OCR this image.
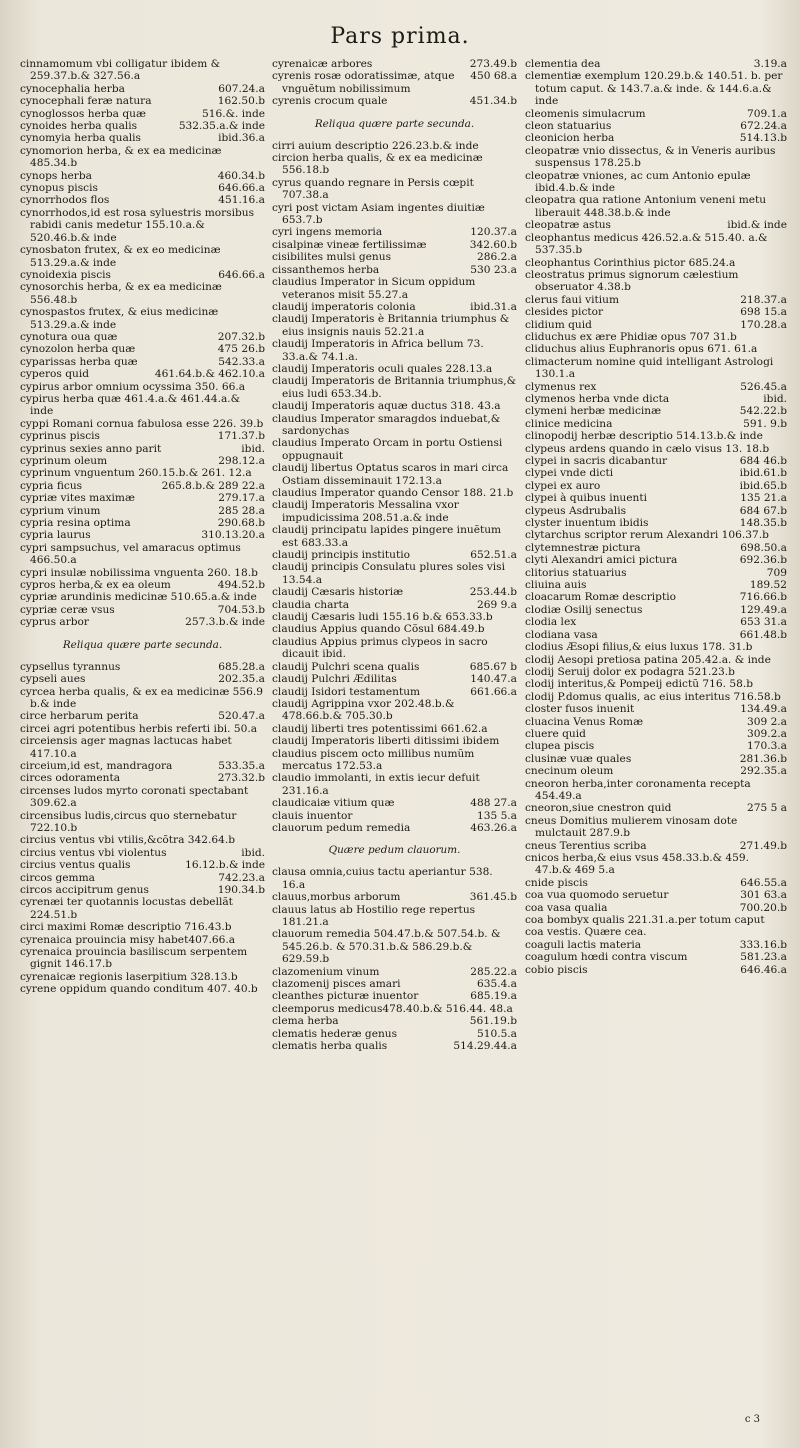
Pars prima.

cinnamomum vbi colligatur ibidem & 259.37.b.& 327.56.a

607.24.a
cynocephalia herba

162.50.b
cynocephali feræ natura

516.&. inde
cynoglossos herba quæ

532.35.a.& inde
cynoides herba qualis

ibid.36.a
cynomyia herba qualis

cynomorion herba, & ex ea medicinæ 485.34.b

460.34.b
cynops herba

646.66.a
cynopus piscis

451.16.a
cynorrhodos flos

cynorrhodos,id est rosa syluestris morsibus rabidi canis medetur 155.10.a.& 520.46.b.& inde

cynosbaton frutex, & ex eo medicinæ 513.29.a.& inde

646.66.a
cynoidexia piscis

cynosorchis herba, & ex ea medicinæ 556.48.b

cynospastos frutex, & eius medicinæ 513.29.a.& inde

207.32.b
cynotura oua quæ

475 26.b
cynozolon herba quæ

542.33.a
cyparissas herba quæ

461.64.b.& 462.10.a
cyperos quid

cypirus arbor omnium ocyssima 350. 66.a

cypirus herba quæ 461.4.a.& 461.44.a.& inde

cyppi Romani cornua fabulosa esse 226. 39.b

171.37.b
cyprinus piscis

ibid.
cyprinus sexies anno parit

298.12.a
cyprinum oleum

cyprinum vnguentum 260.15.b.& 261. 12.a

265.8.b.& 289 22.a
cypria ficus

279.17.a
cypriæ vites maximæ

285 28.a
cyprium vinum

290.68.b
cypria resina optima

310.13.20.a
cypria laurus

cypri sampsuchus, vel amaracus optimus 466.50.a

cypri insulæ nobilissima vnguenta 260. 18.b

494.52.b
cypros herba,& ex ea oleum

cypriæ arundinis medicinæ 510.65.a.& inde

704.53.b
cypriæ ceræ vsus

257.3.b.& inde
cyprus arbor

Reliqua quære parte secunda.

685.28.a
cypsellus tyrannus

202.35.a
cypseli aues

cyrcea herba qualis, & ex ea medicinæ 556.9 b.& inde

520.47.a
circe herbarum perita

circei agri potentibus herbis referti ibi. 50.a

circeiensis ager magnas lactucas habet 417.10.a

533.35.a
circeium,id est, mandragora

273.32.b
circes odoramenta

circenses ludos myrto coronati spectabant 309.62.a

circensibus ludis,circus quo sternebatur 722.10.b

circius ventus vbi vtilis,&cõtra 342.64.b

ibid.
circius ventus vbi violentus

16.12.b.& inde
circius ventus qualis

742.23.a
circos gemma

190.34.b
circos accipitrum genus

cyrenæi ter quotannis locustas debellãt 224.51.b

circi maximi Romæ descriptio 716.43.b

cyrenaica prouincia misy habet407.66.a

cyrenaica prouincia basiliscum serpentem gignit 146.17.b

cyrenaicæ regionis laserpitium 328.13.b

cyrene oppidum quando conditum 407. 40.b

273.49.b
cyrenaicæ arbores

450 68.a
cyrenis rosæ odoratissimæ, atque vnguẽtum nobilissimum

451.34.b
cyrenis crocum quale

Reliqua quære parte secunda.

cirri auium descriptio 226.23.b.& inde

circion herba qualis, & ex ea medicinæ 556.18.b

cyrus quando regnare in Persis cœpit 707.38.a

cyri post victam Asiam ingentes diuitiæ 653.7.b

120.37.a
cyri ingens memoria

342.60.b
cisalpinæ vineæ fertilissimæ

286.2.a
cisibilites mulsi genus

530 23.a
cissanthemos herba

claudius Imperator in Sicum oppidum veteranos misit 55.27.a

ibid.31.a
claudij imperatoris colonia

claudij Imperatoris è Britannia triumphus & eius insignis nauis 52.21.a

claudij Imperatoris in Africa bellum 73. 33.a.& 74.1.a.

claudij Imperatoris oculi quales 228.13.a

claudij Imperatoris de Britannia triumphus,& eius ludi 653.34.b.

claudij Imperatoris aquæ ductus 318. 43.a

claudius Imperator smaragdos induebat,& sardonychas

claudius Imperato Orcam in portu Ostiensi oppugnauit

claudij libertus Optatus scaros in mari circa Ostiam disseminauit 172.13.a

claudius Imperator quando Censor 188. 21.b

claudij Imperatoris Messalina vxor impudicissima 208.51.a.& inde

claudij principatu lapides pingere inuẽtum est 683.33.a

652.51.a
claudij principis institutio

claudij principis Consulatu plures soles visi 13.54.a

253.44.b
claudij Cæsaris historiæ

269 9.a
claudia charta

claudij Cæsaris ludi 155.16 b.& 653.33.b

claudius Appius quando Cõsul 684.49.b

claudius Appius primus clypeos in sacro dicauit ibid.

685.67 b
claudij Pulchri scena qualis

140.47.a
claudij Pulchri Ædilitas

661.66.a
claudij Isidori testamentum

claudij Agrippina vxor 202.48.b.& 478.66.b.& 705.30.b

claudij liberti tres potentissimi 661.62.a

claudij Imperatoris liberti ditissimi ibidem

claudius piscem octo millibus numũm mercatus 172.53.a

claudio immolanti, in extis iecur defuit 231.16.a

488 27.a
claudicaiæ vitium quæ

135 5.a
clauis inuentor

463.26.a
clauorum pedum remedia

Quære pedum clauorum.

clausa omnia,cuius tactu aperiantur 538. 16.a

361.45.b
clauus,morbus arborum

clauus latus ab Hostilio rege repertus 181.21.a

clauorum remedia 504.47.b.& 507.54.b. & 545.26.b. & 570.31.b.& 586.29.b.& 629.59.b

285.22.a
clazomenium vinum

635.4.a
clazomenij pisces amari

685.19.a
cleanthes picturæ inuentor

cleemporus medicus478.40.b.& 516.44. 48.a

561.19.b
clema herba

510.5.a
clematis hederæ genus

514.29.44.a
clematis herba qualis

3.19.a
clementia dea

clementiæ exemplum 120.29.b.& 140.51. b. per totum caput. & 143.7.a.& inde. & 144.6.a.& inde

709.1.a
cleomenis simulacrum

672.24.a
cleon statuarius

514.13.b
cleonicion herba

cleopatræ vnio dissectus, & in Veneris auribus suspensus 178.25.b

cleopatræ vniones, ac cum Antonio epulæ ibid.4.b.& inde

cleopatra qua ratione Antonium veneni metu liberauit 448.38.b.& inde

ibid.& inde
cleopatræ astus

cleophantus medicus 426.52.a.& 515.40. a.& 537.35.b

cleophantus Corinthius pictor 685.24.a

cleostratus primus signorum cælestium obseruator 4.38.b

218.37.a
clerus faui vitium

698 15.a
clesides pictor

170.28.a
clidium quid

cliduchus ex ære Phidiæ opus 707 31.b

cliduchus alius Euphranoris opus 671. 61.a

climacterum nomine quid intelligant Astrologi 130.1.a

526.45.a
clymenus rex

ibid.
clymenos herba vnde dicta

542.22.b
clymeni herbæ medicinæ

591. 9.b
clinice medicina

clinopodij herbæ descriptio 514.13.b.& inde

clypeus ardens quando in cælo visus 13. 18.b

684 46.b
clypei in sacris dicabantur

ibid.61.b
clypei vnde dicti

ibid.65.b
clypei ex auro

135 21.a
clypei à quibus inuenti

684 67.b
clypeus Asdrubalis

148.35.b
clyster inuentum ibidis

clytarchus scriptor rerum Alexandri 106.37.b

698.50.a
clytemnestræ pictura

692.36.b
clyti Alexandri amici pictura

709
clitorius statuarius

189.52
cliuina auis

716.66.b
cloacarum Romæ descriptio

129.49.a
clodiæ Osilij senectus

653 31.a
clodia lex

661.48.b
clodiana vasa

clodius Æsopi filius,& eius luxus 178. 31.b

clodij Aesopi pretiosa patina 205.42.a. & inde

clodij Seruij dolor ex podagra 521.23.b

clodij interitus,& Pompeij edictũ 716. 58.b

clodij P.domus qualis, ac eius interitus 716.58.b

134.49.a
closter fusos inuenit

309 2.a
cluacina Venus Romæ

309.2.a
cluere quid

170.3.a
clupea piscis

281.36.b
clusinæ vuæ quales

292.35.a
cnecinum oleum

cneoron herba,inter coronamenta recepta 454.49.a

275 5 a
cneoron,siue cnestron quid

cneus Domitius mulierem vinosam dote mulctauit 287.9.b

271.49.b
cneus Terentius scriba

cnicos herba,& eius vsus 458.33.b.& 459. 47.b.& 469 5.a

646.55.a
cnide piscis

301 63.a
coa vua quomodo seruetur

700.20.b
coa vasa qualia

coa bombyx qualis 221.31.a.per totum caput

coa vestis. Quære cea.

333.16.b
coaguli lactis materia

581.23.a
coagulum hœdi contra viscum

646.46.a
cobio piscis

c 3
